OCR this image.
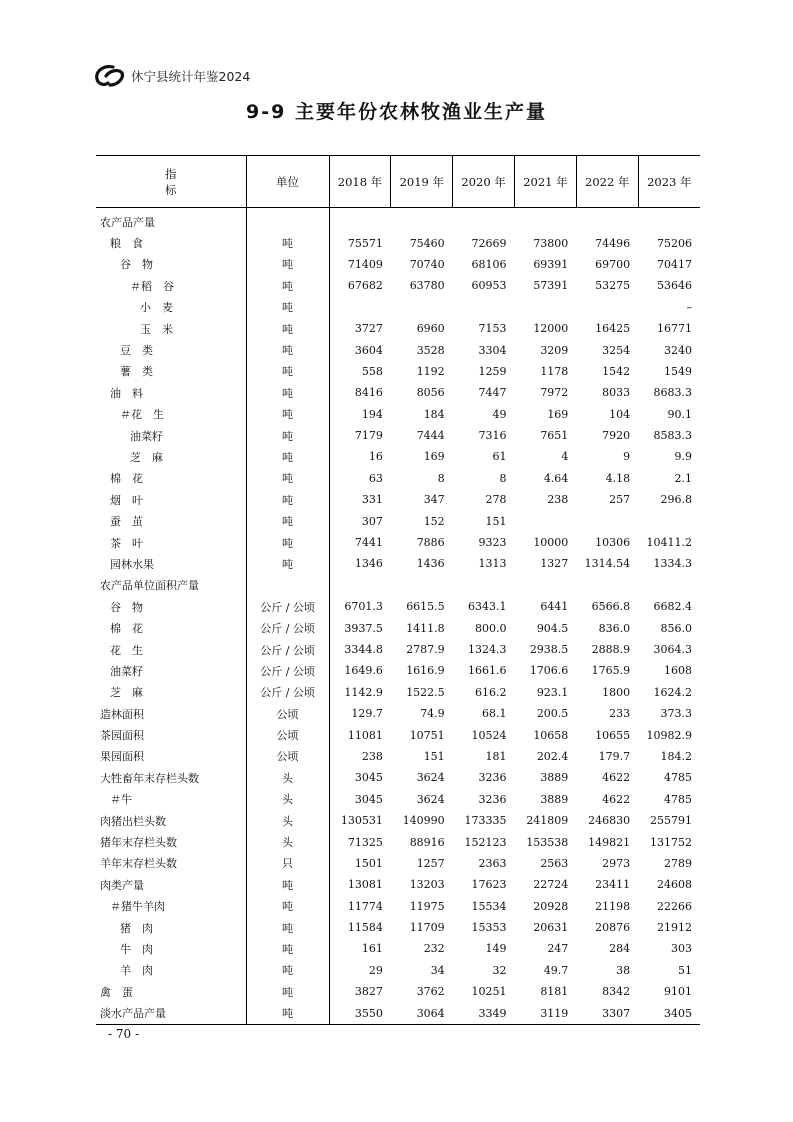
休宁县统计年鉴2024
9-9 主要年份农林牧渔业生产量
指　标	单位	2018 年	2019 年	2020 年	2021 年	2022 年	2023 年
农产品产量							
粮　食	吨	75571	75460	72669	73800	74496	75206
谷　物	吨	71409	70740	68106	69391	69700	70417
＃稻　谷	吨	67682	63780	60953	57391	53275	53646
小　麦	吨						–
玉　米	吨	3727	6960	7153	12000	16425	16771
豆　类	吨	3604	3528	3304	3209	3254	3240
薯　类	吨	558	1192	1259	1178	1542	1549
油　料	吨	8416	8056	7447	7972	8033	8683.3
＃花　生	吨	194	184	49	169	104	90.1
油菜籽	吨	7179	7444	7316	7651	7920	8583.3
芝　麻	吨	16	169	61	4	9	9.9
棉　花	吨	63	8	8	4.64	4.18	2.1
烟　叶	吨	331	347	278	238	257	296.8
蚕　茧	吨	307	152	151			
茶　叶	吨	7441	7886	9323	10000	10306	10411.2
园林水果	吨	1346	1436	1313	1327	1314.54	1334.3
农产品单位面积产量							
谷　物	公斤 / 公顷	6701.3	6615.5	6343.1	6441	6566.8	6682.4
棉　花	公斤 / 公顷	3937.5	1411.8	800.0	904.5	836.0	856.0
花　生	公斤 / 公顷	3344.8	2787.9	1324.3	2938.5	2888.9	3064.3
油菜籽	公斤 / 公顷	1649.6	1616.9	1661.6	1706.6	1765.9	1608
芝　麻	公斤 / 公顷	1142.9	1522.5	616.2	923.1	1800	1624.2
造林面积	公顷	129.7	74.9	68.1	200.5	233	373.3
茶园面积	公顷	11081	10751	10524	10658	10655	10982.9
果园面积	公顷	238	151	181	202.4	179.7	184.2
大牲畜年末存栏头数	头	3045	3624	3236	3889	4622	4785
＃牛	头	3045	3624	3236	3889	4622	4785
肉猪出栏头数	头	130531	140990	173335	241809	246830	255791
猪年末存栏头数	头	71325	88916	152123	153538	149821	131752
羊年末存栏头数	只	1501	1257	2363	2563	2973	2789
肉类产量	吨	13081	13203	17623	22724	23411	24608
＃猪牛羊肉	吨	11774	11975	15534	20928	21198	22266
猪　肉	吨	11584	11709	15353	20631	20876	21912
牛　肉	吨	161	232	149	247	284	303
羊　肉	吨	29	34	32	49.7	38	51
禽　蛋	吨	3827	3762	10251	8181	8342	9101
淡水产品产量	吨	3550	3064	3349	3119	3307	3405
- 70 -
